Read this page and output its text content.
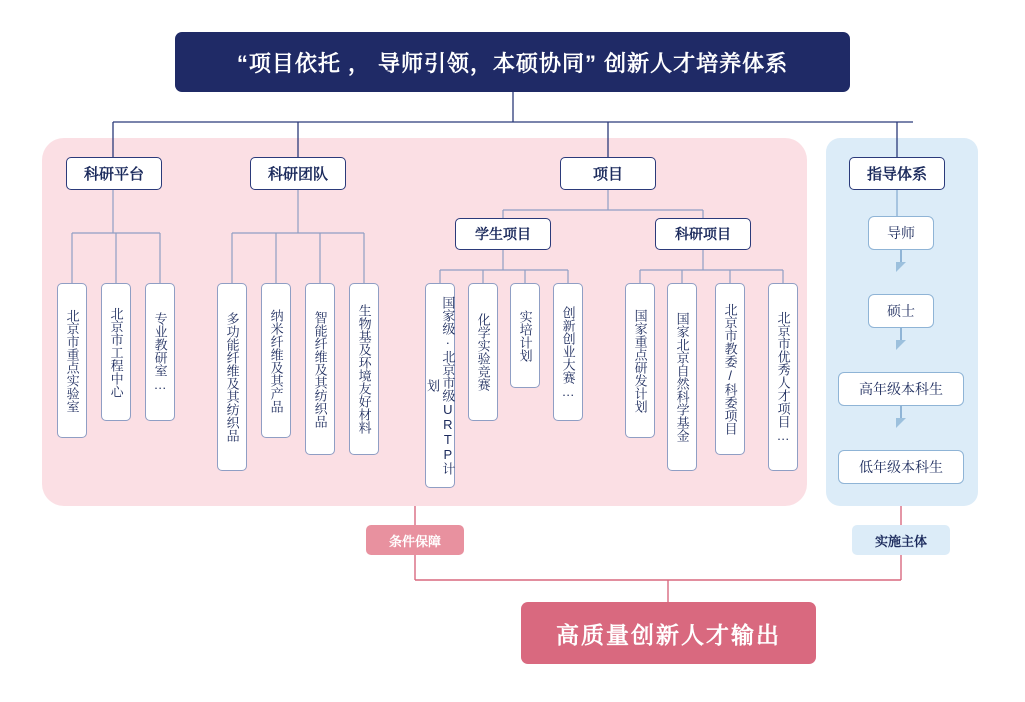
“项目依托 ， 导师引领，本硕协同” 创新人才培养体系
科研平台
北京市重点实验室 北京市工程中心 专业教研室…
科研团队
多功能纤维及其纺织品 纳米纤维及其产品 智能纤维及其纺织品 生物基及环境友好材料
项目
学生项目
国家级·北京市级URTP计划	化学实验竞赛 实培计划 创新创业大赛…
科研项目
国家重点研发计划 国家北京自然科学基金	北京市教委/科委项目	北京市优秀人才项目…
指导体系
导师
硕士
高年级本科生
低年级本科生
条件保障	实施主体
高质量创新人才输出
